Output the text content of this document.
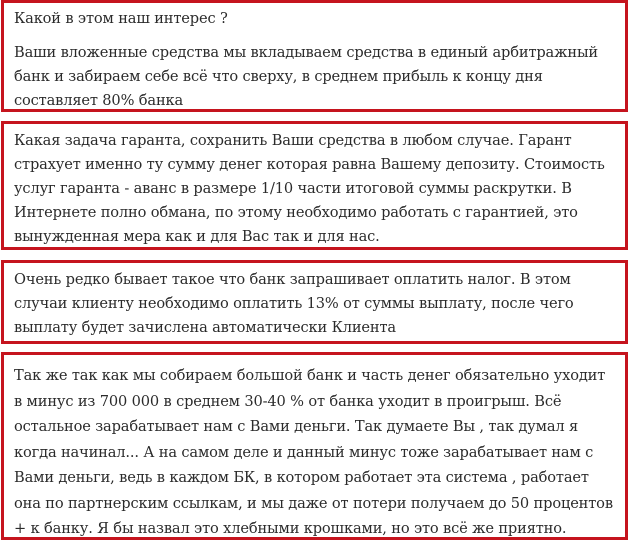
Какой в этом наш интерес ?

Ваши вложенные средства мы вкладываем средства в единый арбитражный банк и забираем себе всё что сверху, в среднем прибыль к концу дня составляет 80% банка

Какая задача гаранта, сохранить Ваши средства в любом случае. Гарант страхует именно ту сумму денег которая равна Вашему депозиту. Стоимость услуг гаранта - аванс в размере 1/10 части итоговой суммы раскрутки. В Интернете полно обмана, по этому необходимо работать с гарантией, это вынужденная мера как и для Вас так и для нас.

Очень редко бывает такое что банк запрашивает оплатить налог. В этом случаи клиенту необходимо оплатить 13% от суммы выплату, после чего выплату будет зачислена автоматически Клиента

Так же так как мы собираем большой банк и часть денег обязательно уходит в минус из 700 000 в среднем 30-40 % от банка уходит в проигрыш. Всё остальное зарабатывает нам с Вами деньги. Так думаете Вы , так думал я когда начинал... А на самом деле и данный минус тоже зарабатывает нам с Вами деньги, ведь в каждом БК, в котором работает эта система , работает она по партнерским ссылкам, и мы даже от потери получаем до 50 процентов + к банку. Я бы назвал это хлебными крошками, но это всё же приятно.
